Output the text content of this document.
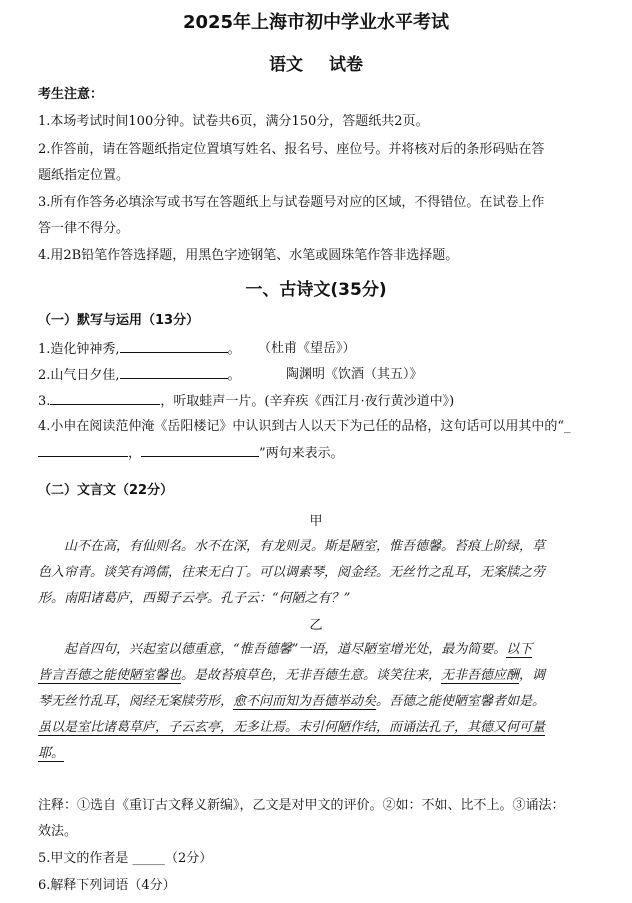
2025年上海市初中学业水平考试
语文 试卷
考生注意：
1.本场考试时间100分钟。试卷共6页，满分150分，答题纸共2页。
2.作答前，请在答题纸指定位置填写姓名、报名号、座位号。并将核对后的条形码贴在答
题纸指定位置。
3.所有作答务必填涂写或书写在答题纸上与试卷题号对应的区域，不得错位。在试卷上作
答一律不得分。
4.用2B铅笔作答选择题，用黑色字迹钢笔、水笔或圆珠笔作答非选择题。
一、古诗文(35分)
（一）默写与运用（13分）
1.造化钟神秀,	。	（杜甫《望岳》）
2.山气日夕佳,	。	陶渊明《饮酒（其五）》
3.	，听取蛙声一片。(辛弃疾《西江月·夜行黄沙道中》)
4.小申在阅读范仲淹《岳阳楼记》中认识到古人以天下为己任的品格，这句话可以用其中的“_
，	”两句来表示。
（二）文言文（22分）
甲
山不在高，有仙则名。水不在深，有龙则灵。斯是陋室，惟吾德馨。苔痕上阶绿，草
色入帘青。谈笑有鸿儒，往来无白丁。可以调素琴，阅金经。无丝竹之乱耳，无案牍之劳
形。南阳诸葛庐，西蜀子云亭。孔子云：“何陋之有？”
乙
起首四句，兴起室以德重意，“惟吾德馨”一语，道尽陋室增光处，最为简要。以下
皆言吾德之能使陋室馨也。是故苔痕草色，无非吾德生意。谈笑往来，无非吾德应酬，调
琴无丝竹乱耳，阅经无案牍劳形，愈不问而知为吾德举动矣。吾德之能使陋室馨者如是。
虽以是室比诸葛草庐，子云玄亭，无多让焉。末引何陋作结，而诵法孔子，其德又何可量
耶。
注释：①选自《重订古文释义新编》，乙文是对甲文的评价。②如：不如、比不上。③诵法：
效法。
5.甲文的作者是 _____（2分）
6.解释下列词语（4分）
